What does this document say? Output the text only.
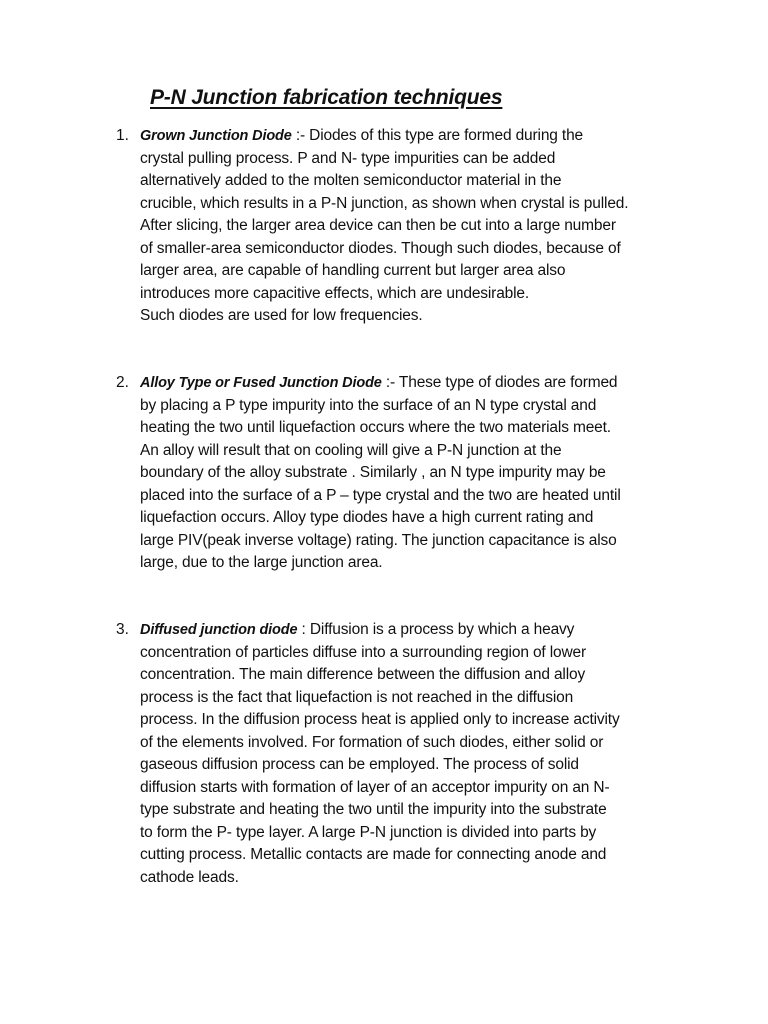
P-N Junction fabrication techniques
1. Grown Junction Diode :- Diodes of this type are formed during the
crystal pulling process. P and N- type impurities can be added
alternatively added to the molten semiconductor material in the
crucible, which results in a P-N junction, as shown when crystal is pulled.
After slicing, the larger area device can then be cut into a large number
of smaller-area semiconductor diodes. Though such diodes, because of
larger area, are capable of handling current but larger area also
introduces more capacitive effects, which are undesirable.
Such diodes are used for low frequencies.
2. Alloy Type or Fused Junction Diode :- These type of diodes are formed
by placing a P type impurity into the surface of an N type crystal and
heating the two until liquefaction occurs where the two materials meet.
An alloy will result that on cooling will give a P-N junction at the
boundary of the alloy substrate . Similarly , an N type impurity may be
placed into the surface of a P – type crystal and the two are heated until
liquefaction occurs. Alloy type diodes have a high current rating and
large PIV(peak inverse voltage) rating. The junction capacitance is also
large, due to the large junction area.
3. Diffused junction diode : Diffusion is a process by which a heavy
concentration of particles diffuse into a surrounding region of lower
concentration. The main difference between the diffusion and alloy
process is the fact that liquefaction is not reached in the diffusion
process. In the diffusion process heat is applied only to increase activity
of the elements involved. For formation of such diodes, either solid or
gaseous diffusion process can be employed. The process of solid
diffusion starts with formation of layer of an acceptor impurity on an N-
type substrate and heating the two until the impurity into the substrate
to form the P- type layer. A large P-N junction is divided into parts by
cutting process. Metallic contacts are made for connecting anode and
cathode leads.
